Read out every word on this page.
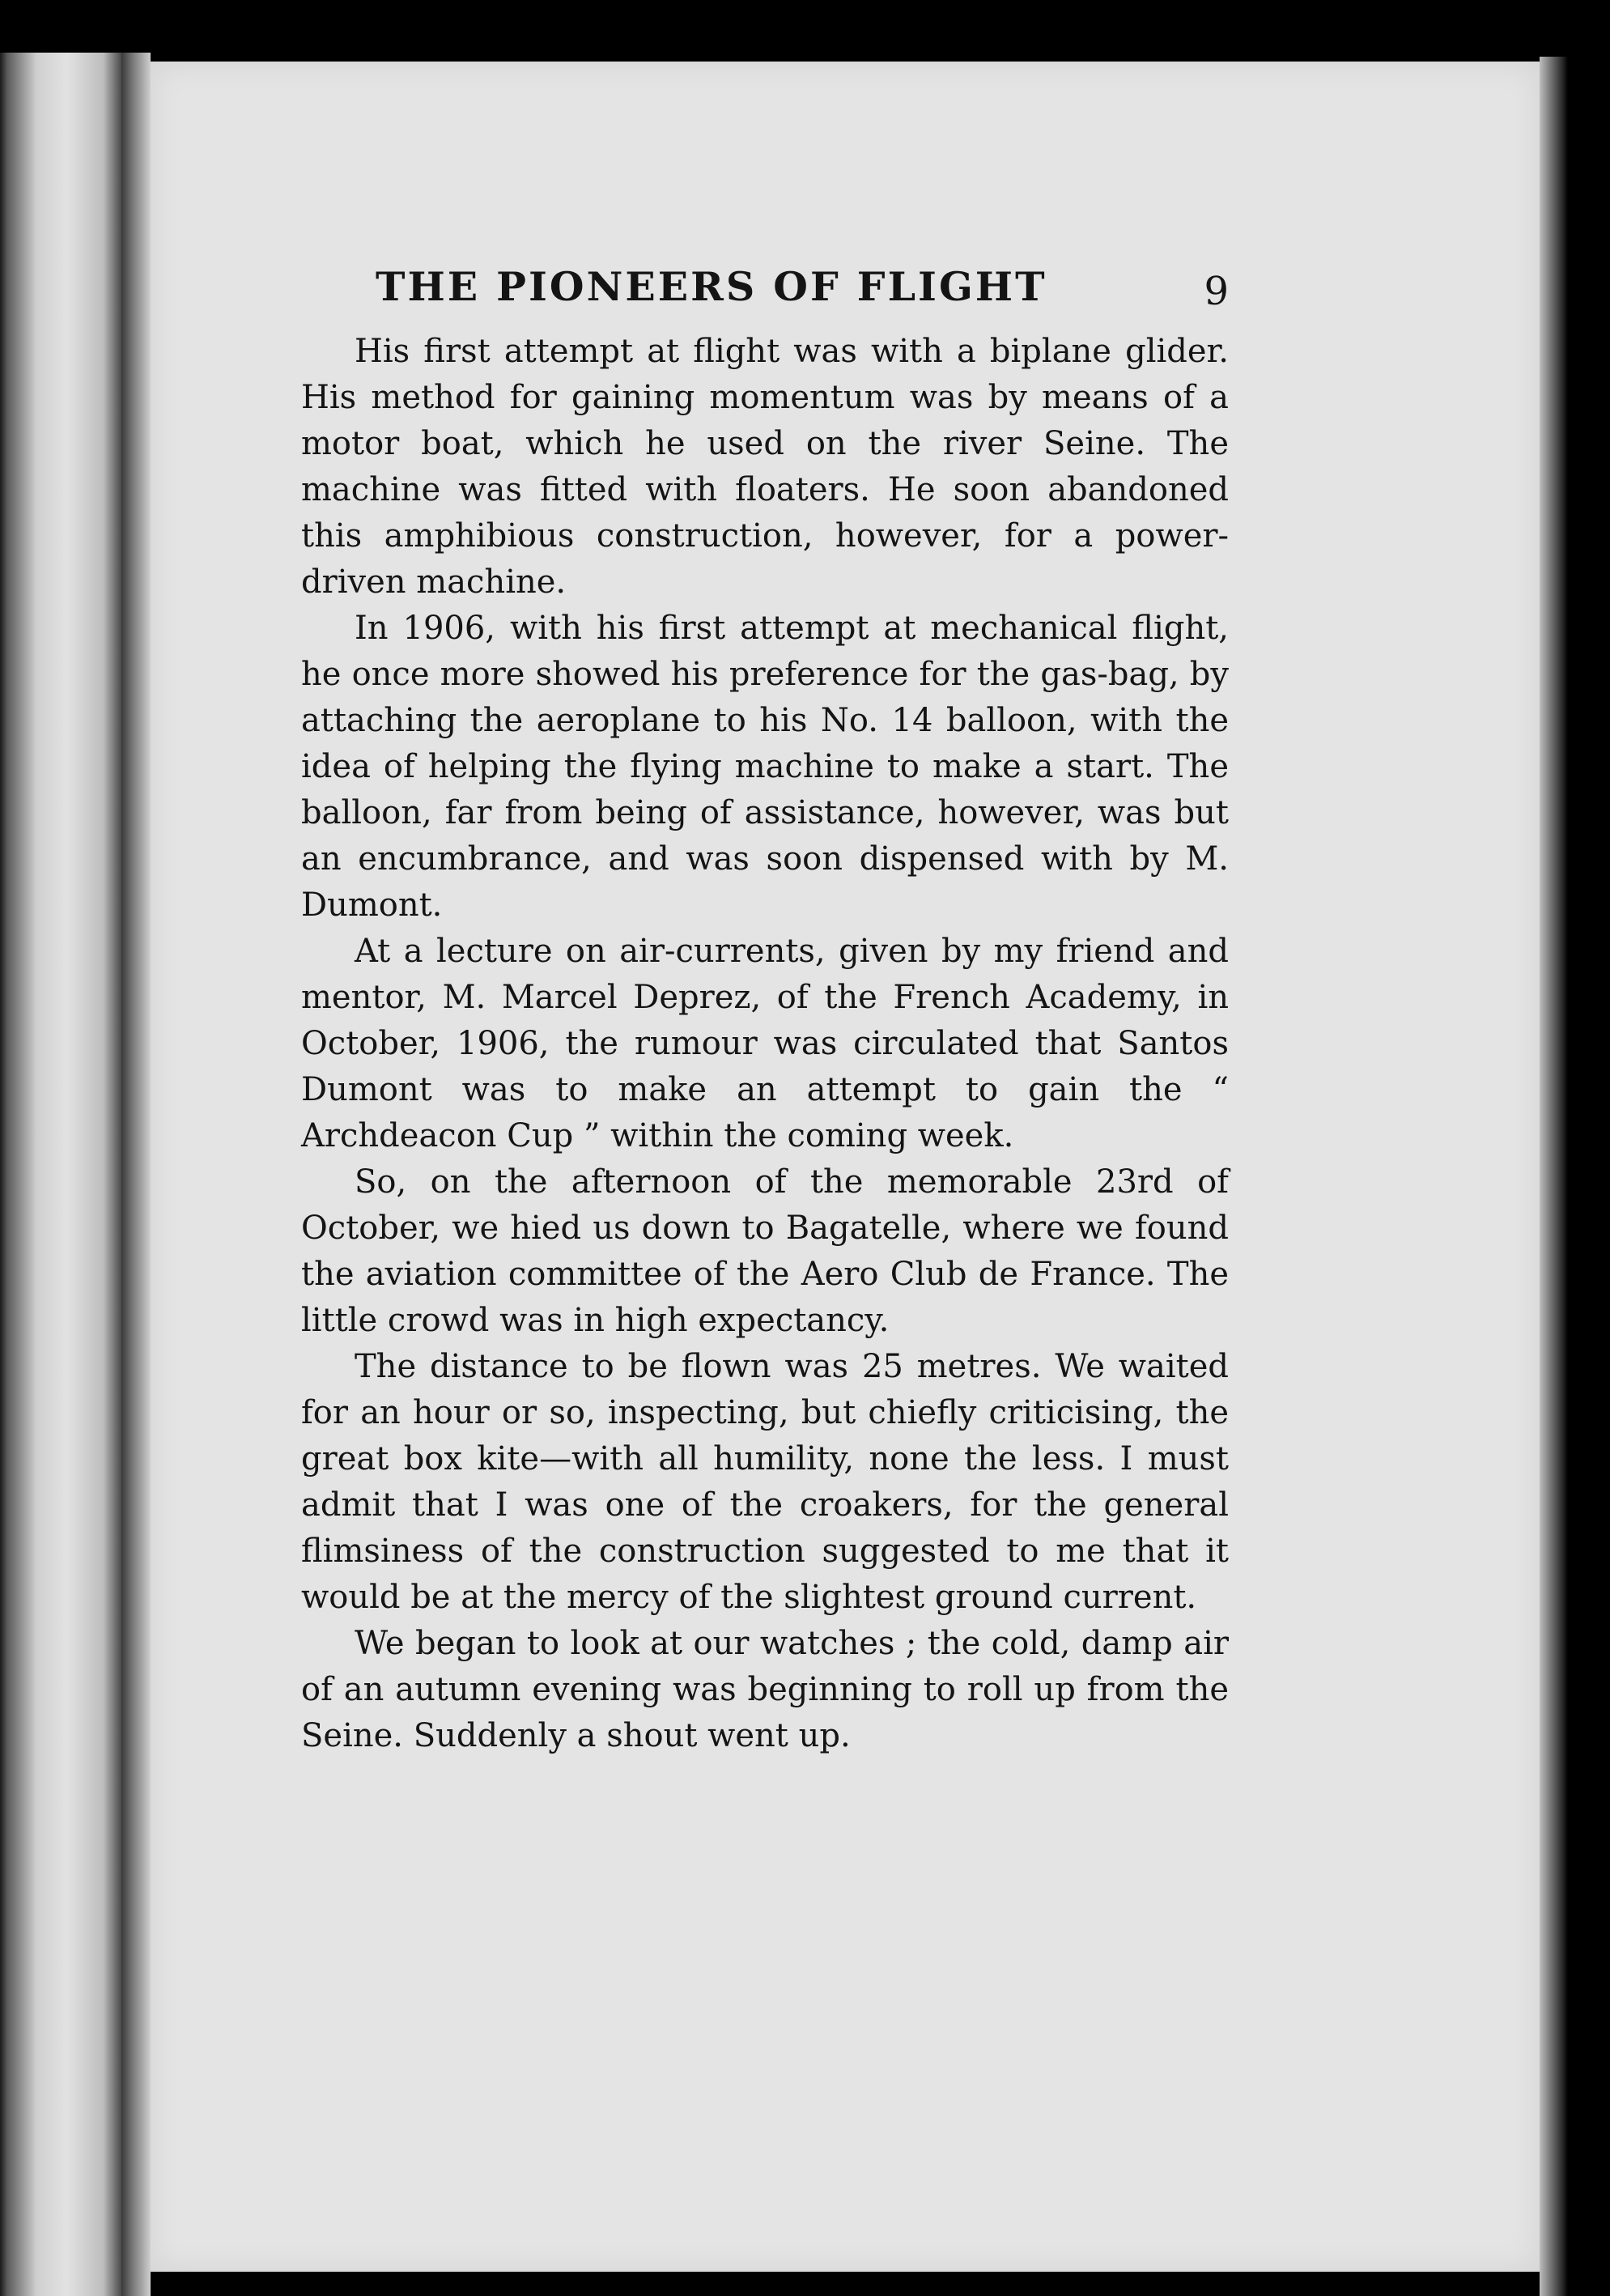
THE PIONEERS OF FLIGHT	9

His first attempt at flight was with a biplane glider. His method for gaining momentum was by means of a motor boat, which he used on the river Seine. The machine was fitted with floaters. He soon abandoned this amphibious construction, however, for a power-driven machine.

In 1906, with his first attempt at mechanical flight, he once more showed his preference for the gas-bag, by attaching the aeroplane to his No. 14 balloon, with the idea of helping the flying machine to make a start. The balloon, far from being of assistance, however, was but an encumbrance, and was soon dispensed with by M. Dumont.

At a lecture on air-currents, given by my friend and mentor, M. Marcel Deprez, of the French Academy, in October, 1906, the rumour was circulated that Santos Dumont was to make an attempt to gain the “ Archdeacon Cup ” within the coming week.

So, on the afternoon of the memorable 23rd of October, we hied us down to Bagatelle, where we found the aviation committee of the Aero Club de France. The little crowd was in high expectancy.

The distance to be flown was 25 metres. We waited for an hour or so, inspecting, but chiefly criticising, the great box kite—with all humility, none the less. I must admit that I was one of the croakers, for the general flimsiness of the construction suggested to me that it would be at the mercy of the slightest ground current.

We began to look at our watches ; the cold, damp air of an autumn evening was beginning to roll up from the Seine. Suddenly a shout went up.
